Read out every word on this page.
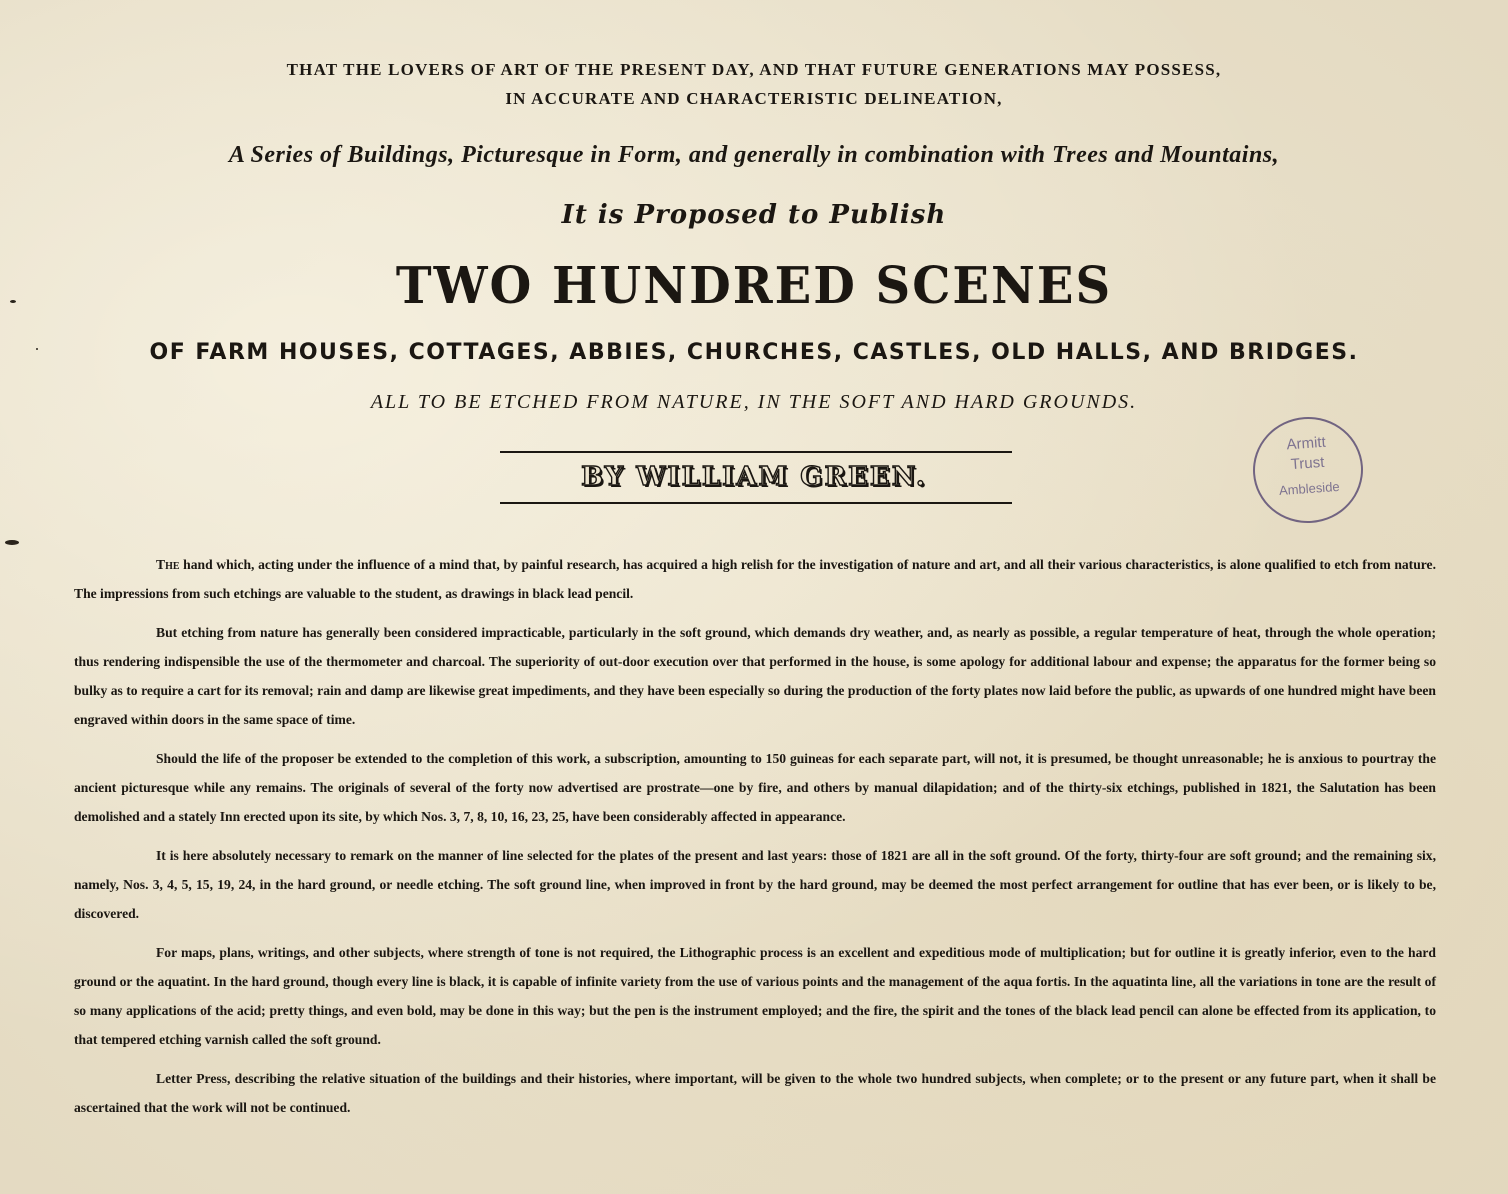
THAT THE LOVERS OF ART OF THE PRESENT DAY, AND THAT FUTURE GENERATIONS MAY POSSESS,
IN ACCURATE AND CHARACTERISTIC DELINEATION,
A Series of Buildings, Picturesque in Form, and generally in combination with Trees and Mountains,
It is Proposed to Publish
TWO HUNDRED SCENES
OF FARM HOUSES, COTTAGES, ABBIES, CHURCHES, CASTLES, OLD HALLS, AND BRIDGES.
ALL TO BE ETCHED FROM NATURE, IN THE SOFT AND HARD GROUNDS.
BY WILLIAM GREEN.
Armitt
Trust
Ambleside

The hand which, acting under the influence of a mind that, by painful research, has acquired a high relish for the investigation of nature and art, and all their various characteristics, is alone qualified to etch from nature. The impressions from such etchings are valuable to the student, as drawings in black lead pencil.

But etching from nature has generally been considered impracticable, particularly in the soft ground, which demands dry weather, and, as nearly as possible, a regular temperature of heat, through the whole operation; thus rendering indispensible the use of the thermometer and charcoal. The superiority of out-door execution over that performed in the house, is some apology for additional labour and expense; the apparatus for the former being so bulky as to require a cart for its removal; rain and damp are likewise great impediments, and they have been especially so during the production of the forty plates now laid before the public, as upwards of one hundred might have been engraved within doors in the same space of time.

Should the life of the proposer be extended to the completion of this work, a subscription, amounting to 150 guineas for each separate part, will not, it is presumed, be thought unreasonable; he is anxious to pourtray the ancient picturesque while any remains. The originals of several of the forty now advertised are prostrate—one by fire, and others by manual dilapidation; and of the thirty-six etchings, published in 1821, the Salutation has been demolished and a stately Inn erected upon its site, by which Nos. 3, 7, 8, 10, 16, 23, 25, have been considerably affected in appearance.

It is here absolutely necessary to remark on the manner of line selected for the plates of the present and last years: those of 1821 are all in the soft ground. Of the forty, thirty-four are soft ground; and the remaining six, namely, Nos. 3, 4, 5, 15, 19, 24, in the hard ground, or needle etching. The soft ground line, when improved in front by the hard ground, may be deemed the most perfect arrangement for outline that has ever been, or is likely to be, discovered.

For maps, plans, writings, and other subjects, where strength of tone is not required, the Lithographic process is an excellent and expeditious mode of multiplication; but for outline it is greatly inferior, even to the hard ground or the aquatint. In the hard ground, though every line is black, it is capable of infinite variety from the use of various points and the management of the aqua fortis. In the aquatinta line, all the variations in tone are the result of so many applications of the acid; pretty things, and even bold, may be done in this way; but the pen is the instrument employed; and the fire, the spirit and the tones of the black lead pencil can alone be effected from its application, to that tempered etching varnish called the soft ground.

Letter Press, describing the relative situation of the buildings and their histories, where important, will be given to the whole two hundred subjects, when complete; or to the present or any future part, when it shall be ascertained that the work will not be continued.
